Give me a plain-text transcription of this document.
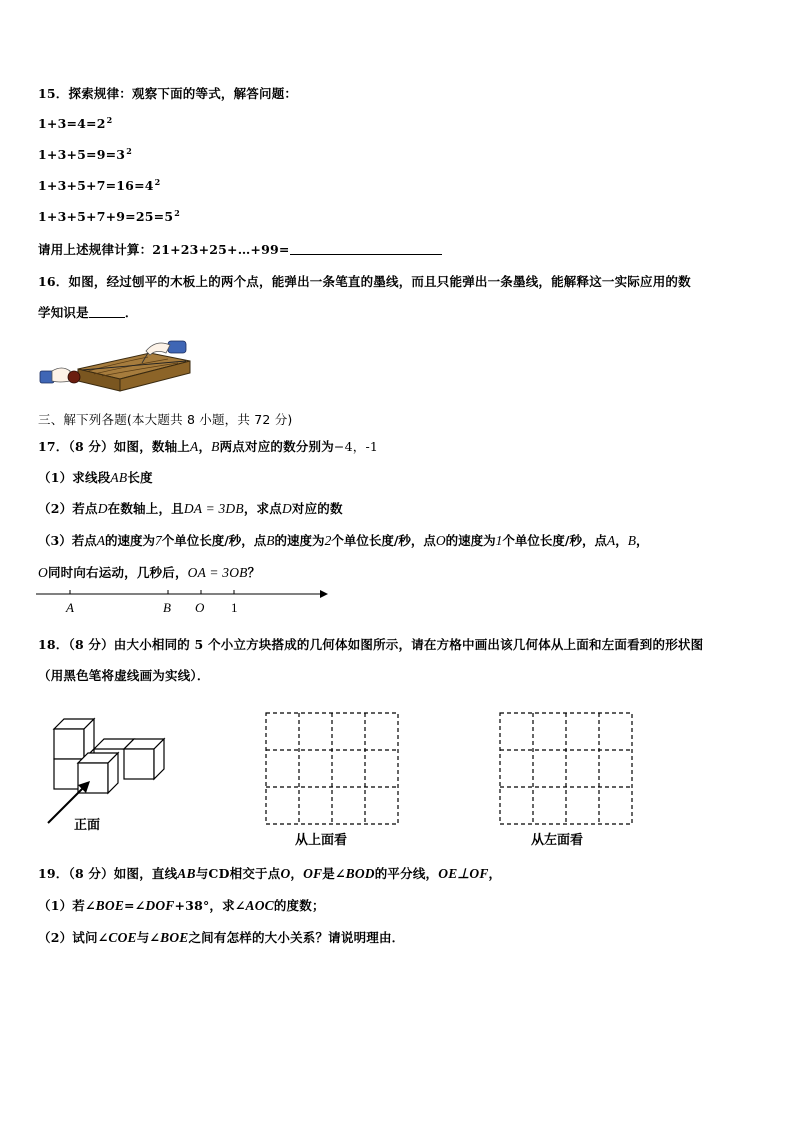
15．探索规律：观察下面的等式，解答问题：
$1+3=4=2^2$
$1+3+5=9=3^2$
$1+3+5+7=16=4^2$
$1+3+5+7+9=25=5^2$
请用上述规律计算：21+23+25+…+99=
16．如图，经过刨平的木板上的两个点，能弹出一条笔直的墨线，而且只能弹出一条墨线，能解释这一实际应用的数
学知识是	．
三、解下列各题(本大题共 8 小题，共 72 分)
17．（8 分）如图，数轴上A，B两点对应的数分别为−4，-1
（1）求线段AB长度
（2）若点D在数轴上，且DA = 3DB，求点D对应的数
（3）若点A的速度为7个单位长度/秒，点B的速度为2个单位长度/秒，点O的速度为1个单位长度/秒，点A，B，
O同时向右运动，几秒后，OA = 3OB？
A	B O 1
18．（8 分）由大小相同的 5 个小立方块搭成的几何体如图所示，请在方格中画出该几何体从上面和左面看到的形状图
（用黑色笔将虚线画为实线）．
正面
从上面看	从左面看
19．（8 分）如图，直线AB与CD相交于点O，OF是∠BOD的平分线，OE⊥OF，
（1）若∠BOE=∠DOF+38°，求∠AOC的度数；
（2）试问∠COE与∠BOE之间有怎样的大小关系？请说明理由．
